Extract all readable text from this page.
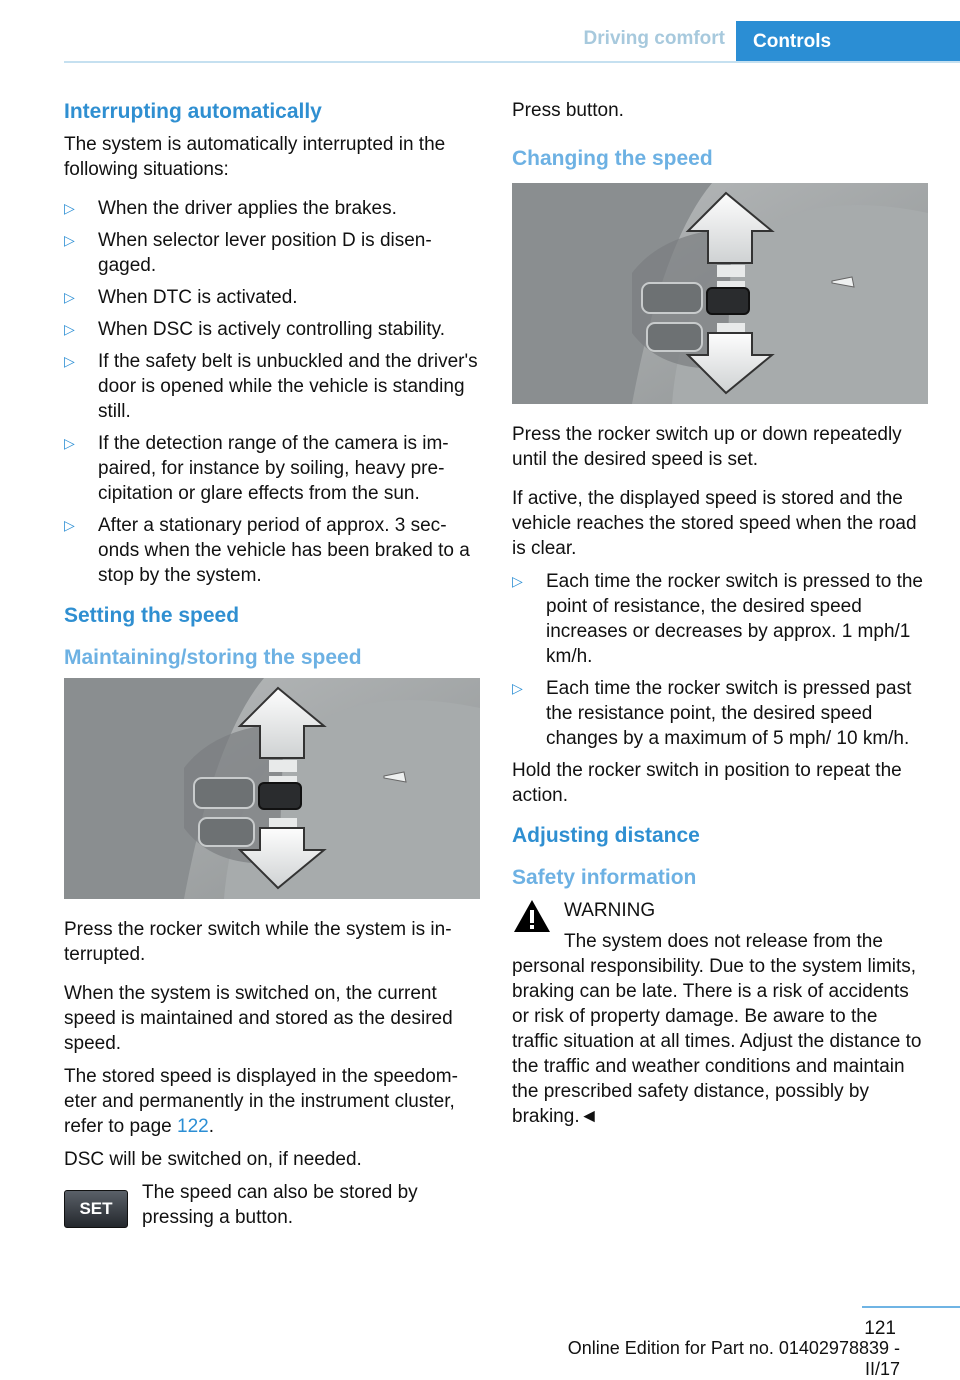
Driving comfort	Controls
Interrupting automatically

The system is automatically interrupted in the following situations:

▷ When the driver applies the brakes.
▷ When selector lever position D is disengaged.
▷ When DTC is activated.
▷ When DSC is actively controlling stability.
▷ If the safety belt is unbuckled and the driver's door is opened while the vehicle is standing still.
▷ If the detection range of the camera is impaired, for instance by soiling, heavy precipitation or glare effects from the sun.
▷ After a stationary period of approx. 3 seconds when the vehicle has been braked to a stop by the system.
Setting the speed
Maintaining/storing the speed

Press the rocker switch while the system is interrupted.

When the system is switched on, the current speed is maintained and stored as the desired speed.

The stored speed is displayed in the speedometer and permanently in the instrument cluster, refer to page 122.

DSC will be switched on, if needed.

SET

The speed can also be stored by pressing a button.

Press button.

Changing the speed

Press the rocker switch up or down repeatedly until the desired speed is set.

If active, the displayed speed is stored and the vehicle reaches the stored speed when the road is clear.

▷ Each time the rocker switch is pressed to the point of resistance, the desired speed increases or decreases by approx. 1 mph/1 km/h.
▷ Each time the rocker switch is pressed past the resistance point, the desired speed changes by a maximum of 5 mph/ 10 km/h.

Hold the rocker switch in position to repeat the action.

Adjusting distance
Safety information

WARNING

The system does not release from the

personal responsibility. Due to the system limits, braking can be late. There is a risk of accidents or risk of property damage. Be aware to the traffic situation at all times. Adjust the distance to the traffic and weather conditions and maintain the prescribed safety distance, possibly by braking.◄

121
Online Edition for Part no. 01402978839 - II/17
